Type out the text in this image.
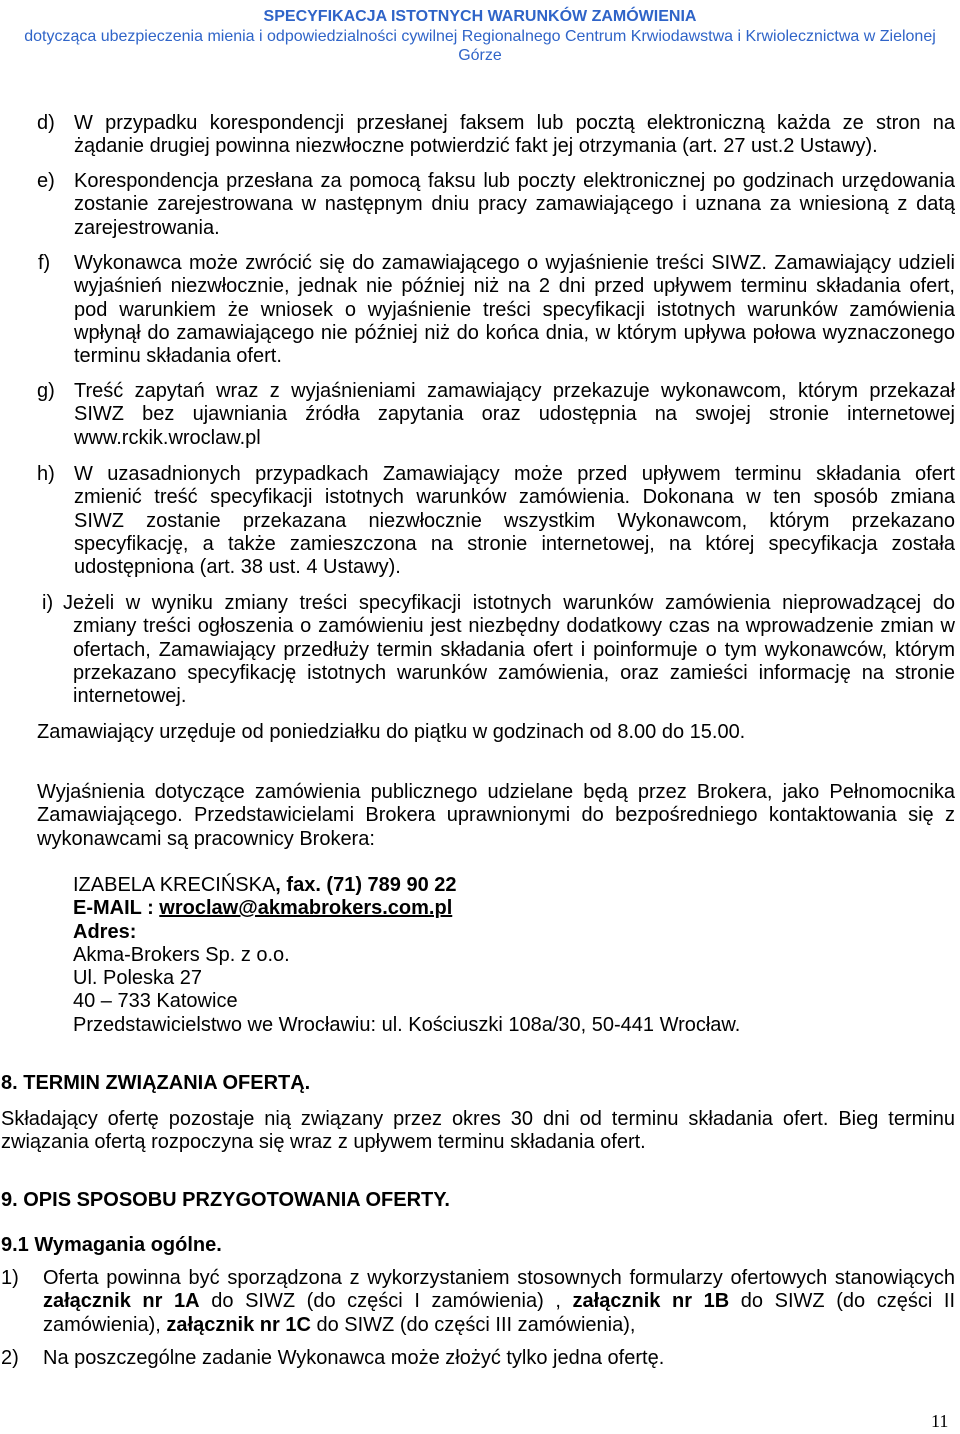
SPECYFIKACJA ISTOTNYCH WARUNKÓW ZAMÓWIENIA
dotycząca ubezpieczenia mienia i odpowiedzialności cywilnej Regionalnego Centrum Krwiodawstwa i Krwiolecznictwa w Zielonej
Górze
d) W przypadku korespondencji przesłanej faksem lub pocztą elektroniczną każda ze stron na
żądanie drugiej powinna niezwłoczne potwierdzić fakt jej otrzymania (art. 27 ust.2 Ustawy).
e) Korespondencja przesłana za pomocą faksu lub poczty elektronicznej po godzinach urzędowania
zostanie zarejestrowana w następnym dniu pracy zamawiającego i uznana za wniesioną z datą
zarejestrowania.
f) Wykonawca może zwrócić się do zamawiającego o wyjaśnienie treści SIWZ. Zamawiający udzieli
wyjaśnień niezwłocznie, jednak nie później niż na 2 dni przed upływem terminu składania ofert,
pod warunkiem że wniosek o wyjaśnienie treści specyfikacji istotnych warunków zamówienia
wpłynął do zamawiającego nie później niż do końca dnia, w którym upływa połowa wyznaczonego
terminu składania ofert.
g) Treść zapytań wraz z wyjaśnieniami zamawiający przekazuje wykonawcom, którym przekazał
SIWZ bez ujawniania źródła zapytania oraz udostępnia na swojej stronie internetowej
www.rckik.wroclaw.pl
h) W uzasadnionych przypadkach Zamawiający może przed upływem terminu składania ofert
zmienić treść specyfikacji istotnych warunków zamówienia. Dokonana w ten sposób zmiana
SIWZ zostanie przekazana niezwłocznie wszystkim Wykonawcom, którym przekazano
specyfikację, a także zamieszczona na stronie internetowej, na której specyfikacja została
udostępniona (art. 38 ust. 4 Ustawy).
i) Jeżeli w wyniku zmiany treści specyfikacji istotnych warunków zamówienia nieprowadzącej do
zmiany treści ogłoszenia o zamówieniu jest niezbędny dodatkowy czas na wprowadzenie zmian w
ofertach, Zamawiający przedłuży termin składania ofert i poinformuje o tym wykonawców, którym
przekazano specyfikację istotnych warunków zamówienia, oraz zamieści informację na stronie
internetowej.
Zamawiający urzęduje od poniedziałku do piątku w godzinach od 8.00 do 15.00.
Wyjaśnienia dotyczące zamówienia publicznego udzielane będą przez Brokera, jako Pełnomocnika
Zamawiającego. Przedstawicielami Brokera uprawnionymi do bezpośredniego kontaktowania się z
wykonawcami są pracownicy Brokera:
IZABELA KRECIŃSKA, fax. (71) 789 90 22
E-MAIL : wroclaw@akmabrokers.com.pl
Adres:
Akma-Brokers Sp. z o.o.
Ul. Poleska 27
40 – 733 Katowice
Przedstawicielstwo we Wrocławiu: ul. Kościuszki 108a/30, 50-441 Wrocław.
8. TERMIN ZWIĄZANIA OFERTĄ.
Składający ofertę pozostaje nią związany przez okres 30 dni od terminu składania ofert. Bieg terminu
związania ofertą rozpoczyna się wraz z upływem terminu składania ofert.
9. OPIS SPOSOBU PRZYGOTOWANIA OFERTY.
9.1 Wymagania ogólne.
1) Oferta powinna być sporządzona z wykorzystaniem stosownych formularzy ofertowych stanowiących
załącznik nr 1A do SIWZ (do części I zamówienia) , załącznik nr 1B do SIWZ (do części II
zamówienia), załącznik nr 1C do SIWZ (do części III zamówienia),
2) Na poszczególne zadanie Wykonawca może złożyć tylko jedna ofertę.
11
